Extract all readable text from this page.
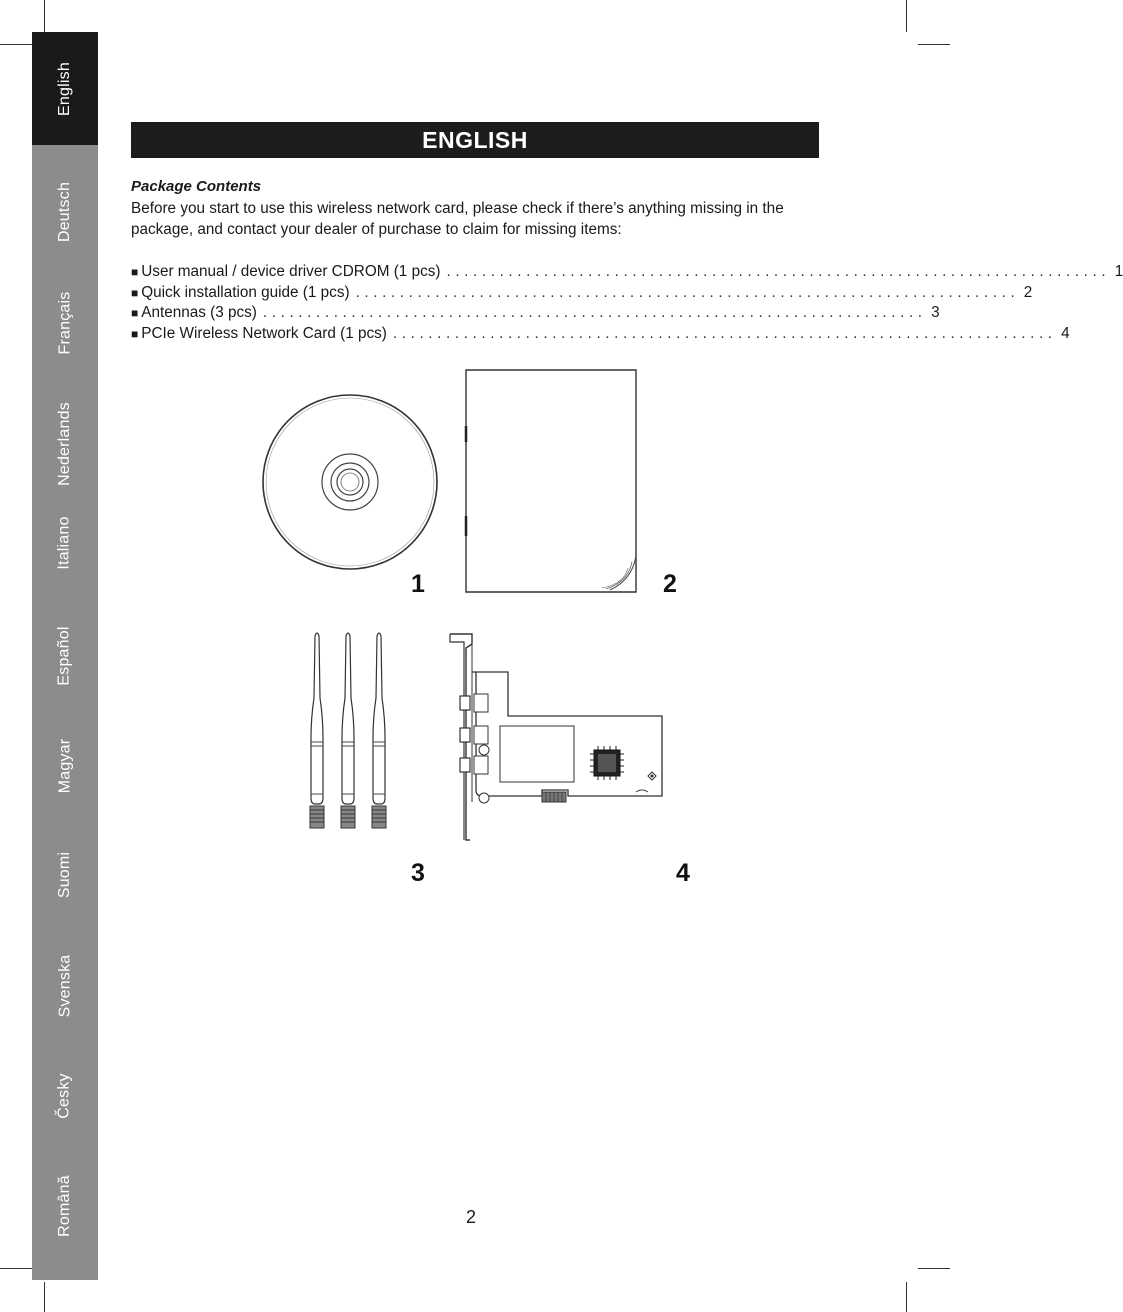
English
Deutsch
Français
Nederlands
Italiano
Español
Magyar
Suomi
Svenska
Česky
Română
ENGLISH
Package Contents
Before you start to use this wireless network card, please check if there’s anything missing in the package, and contact your dealer of purchase to claim for missing items:
■ User manual / device driver CDROM (1 pcs) ........................................................................... 1
■ Quick installation guide (1 pcs) ........................................................................... 2
■ Antennas (3 pcs) ........................................................................... 3
■ PCIe Wireless Network Card (1 pcs) ........................................................................... 4
1	2
3	4
2
